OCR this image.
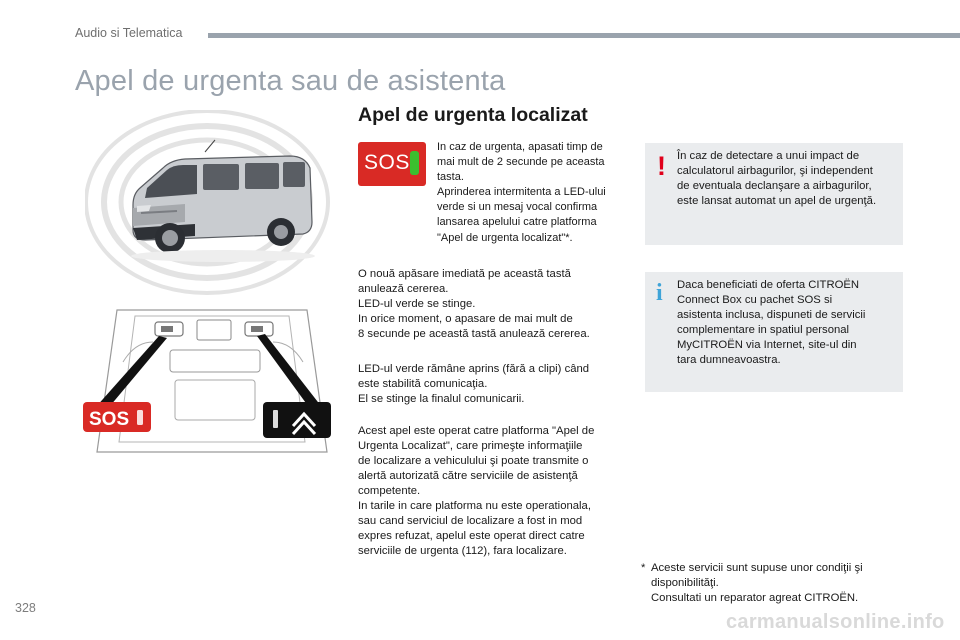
Audio si Telematica
Apel de urgenta sau de asistenta
SOS
Apel de urgenta localizat
SOS
In caz de urgenta, apasati timp de
mai mult de 2 secunde pe aceasta
tasta.
Aprinderea intermitenta a LED-ului
verde si un mesaj vocal confirma
lansarea apelului catre platforma
"Apel de urgenta localizat"*.
O nouă apăsare imediată pe această tastă
anulează cererea.
LED-ul verde se stinge.
In orice moment, o apasare de mai mult de
8 secunde pe această tastă anulează cererea.
LED-ul verde rămâne aprins (fără a clipi) când
este stabilită comunicaţia.
El se stinge la finalul comunicarii.
Acest apel este operat catre platforma "Apel de
Urgenta Localizat", care primeşte informaţiile
de localizare a vehiculului şi poate transmite o
alertă autorizată către serviciile de asistenţă
competente.
In tarile in care platforma nu este operationala,
sau cand serviciul de localizare a fost in mod
expres refuzat, apelul este operat direct catre
serviciile de urgenta (112), fara localizare.
! În caz de detectare a unui impact de
calculatorul airbagurilor, şi independent
de eventuala declanşare a airbagurilor,
este lansat automat un apel de urgenţă.
i Daca beneficiati de oferta CITROËN
Connect Box cu pachet SOS si
asistenta inclusa, dispuneti de servicii
complementare in spatiul personal
MyCITROËN via Internet, site-ul din
tara dumneavoastra.
* Aceste servicii sunt supuse unor condiţii şi
disponibilităţi.
Consultati un reparator agreat CITROËN.
328
carmanualsonline.info
